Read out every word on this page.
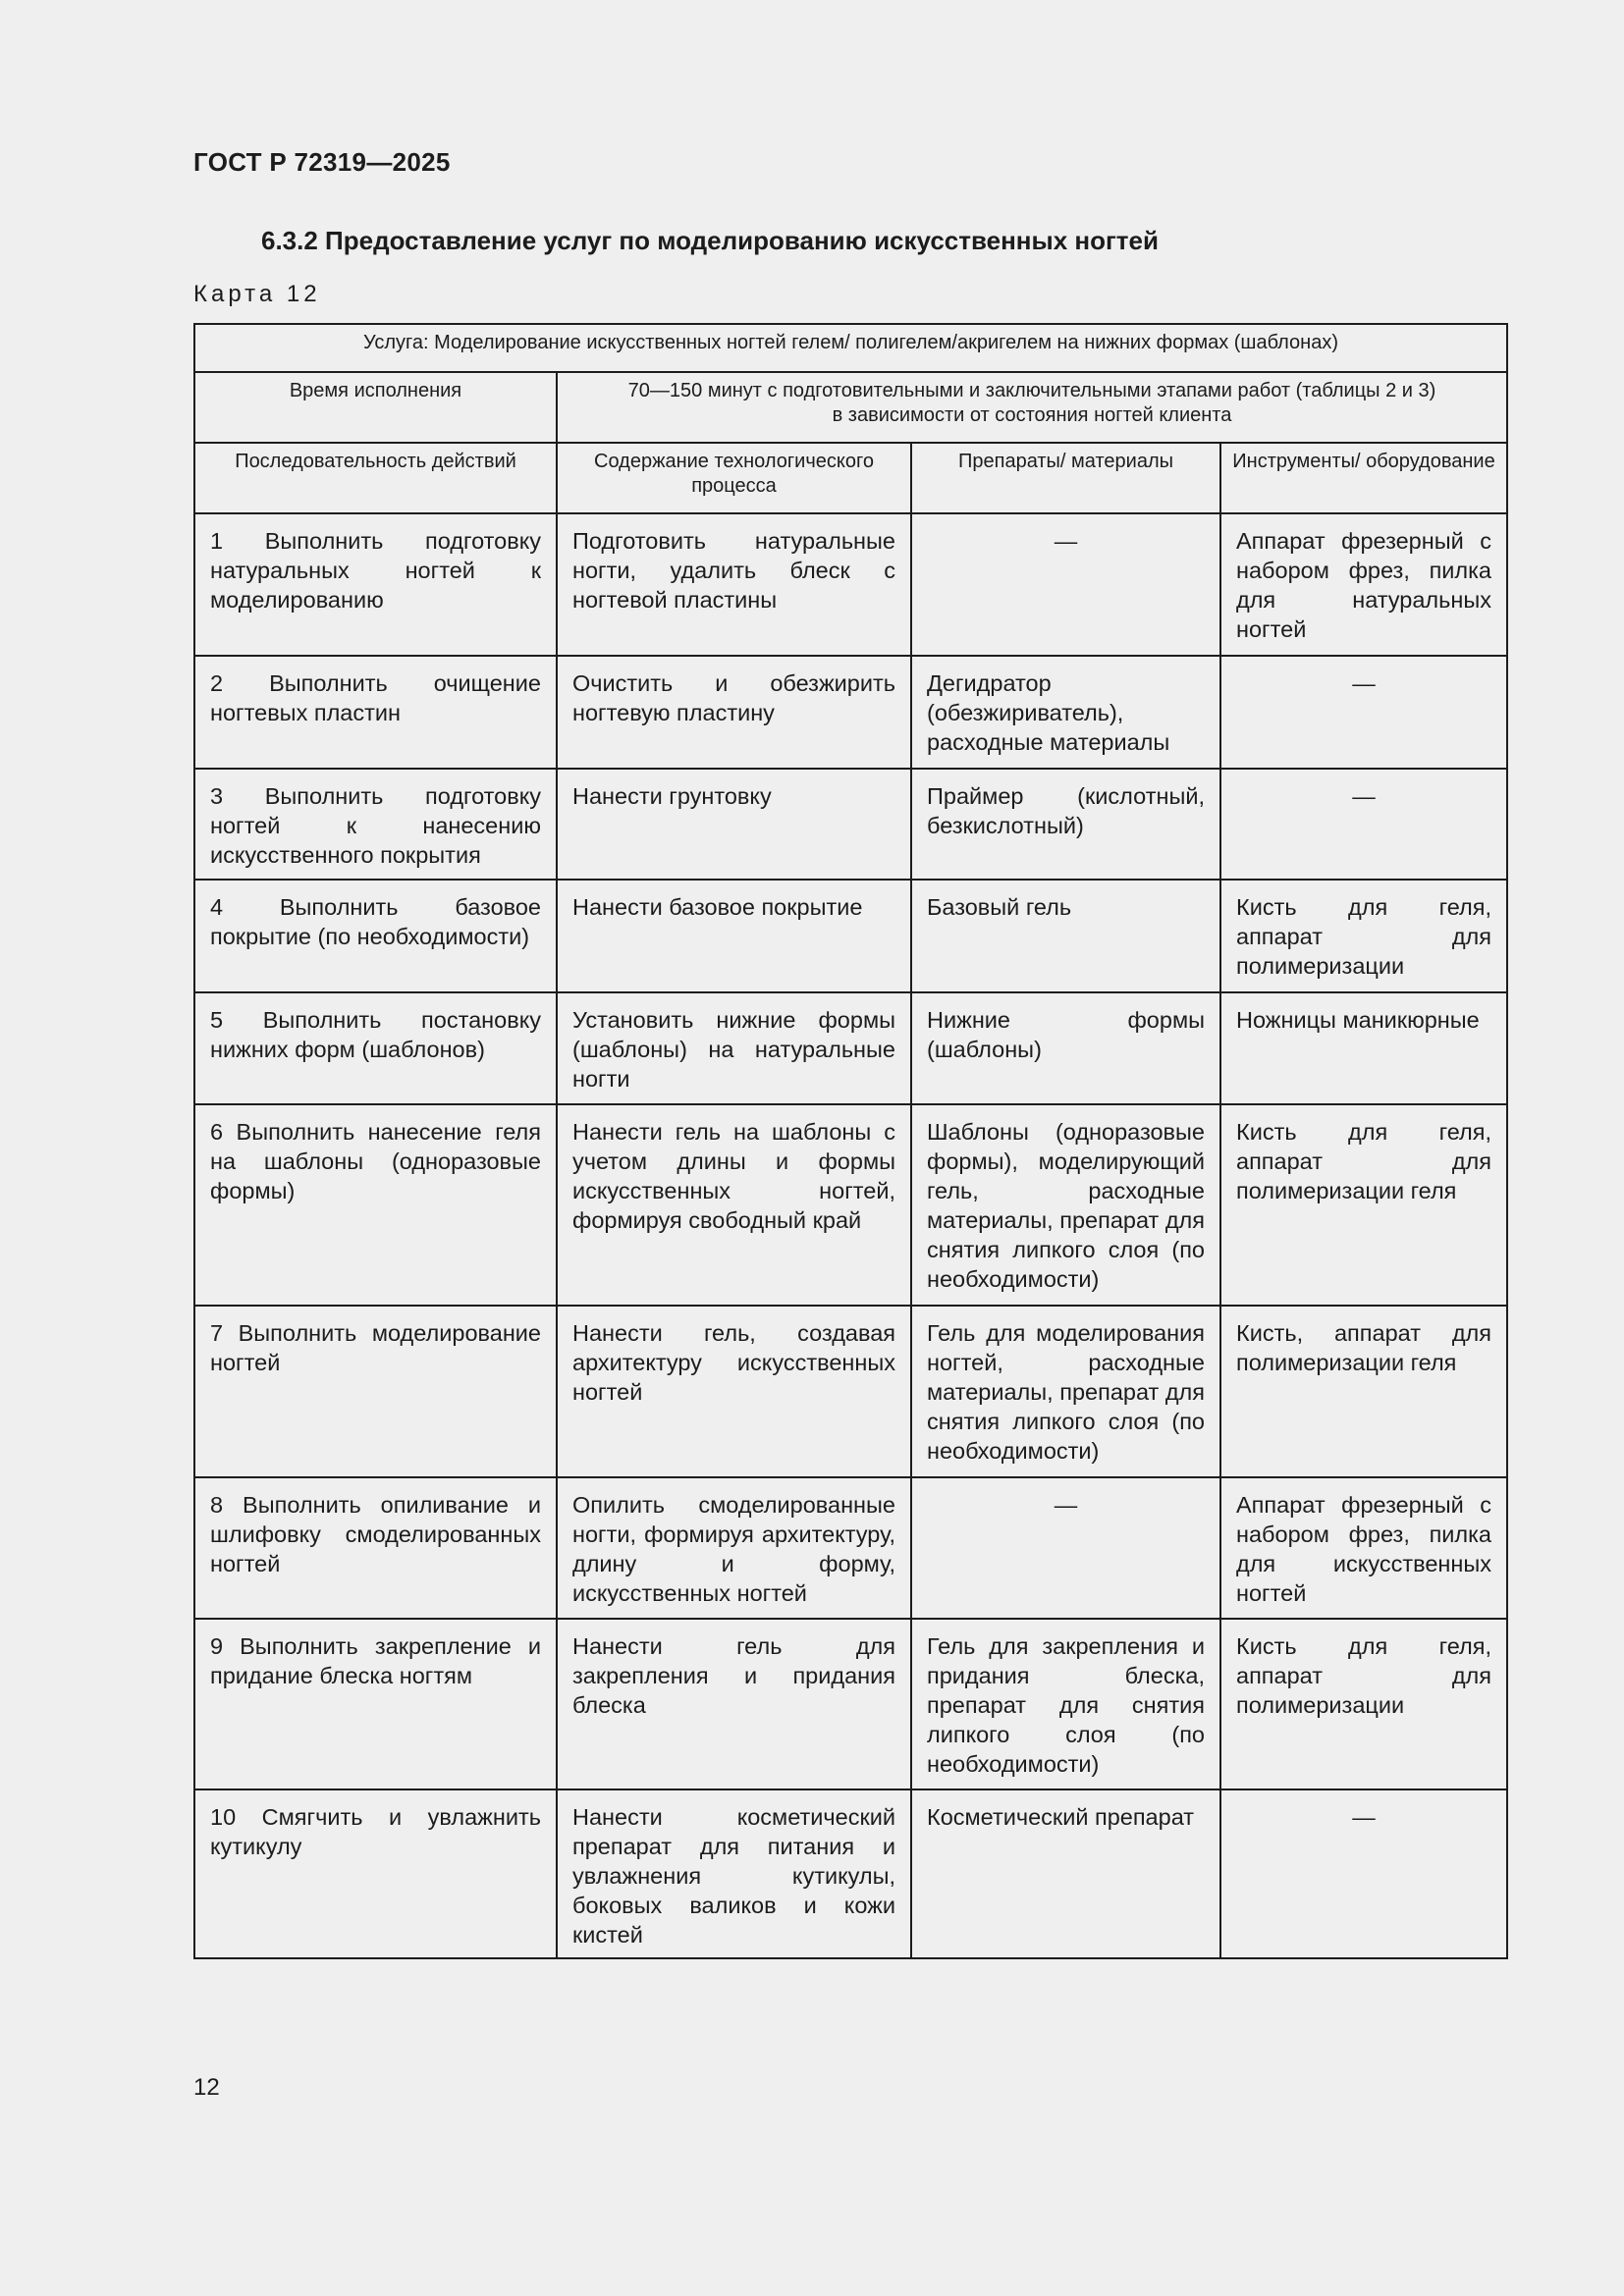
ГОСТ Р 72319—2025
6.3.2 Предоставление услуг по моделированию искусственных ногтей
Карта 12
Услуга: Моделирование искусственных ногтей гелем/ полигелем/акригелем на нижних формах (шаблонах)			
Время исполнения	70—150 минут с подготовительными и заключительными этапами работ (таблицы 2 и 3)
в зависимости от состояния ногтей клиента		

Последовательность действий	Содержание технологического процесса	Препараты/ материалы	Инструменты/ оборудование
1 Выполнить подготовку натуральных ногтей к моделированию	Подготовить натуральные ногти, удалить блеск с ногтевой пластины	—	Аппарат фрезерный с набором фрез, пилка для натуральных ногтей
2 Выполнить очищение ногтевых пластин	Очистить и обезжирить ногтевую пластину	Дегидратор (обезжириватель), расходные материалы	—
3 Выполнить подготовку ногтей к нанесению искусственного покрытия	Нанести грунтовку	Праймер (кислотный, безкислотный)	—
4 Выполнить базовое покрытие (по необходимости)	Нанести базовое покрытие	Базовый гель	Кисть для геля, аппарат для полимеризации
5 Выполнить постановку нижних форм (шаблонов)	Установить нижние формы (шаблоны) на натуральные ногти	Нижние формы (шаблоны)	Ножницы маникюрные
6 Выполнить нанесение геля на шаблоны (одноразовые формы)	Нанести гель на шаблоны с учетом длины и формы искусственных ногтей, формируя свободный край	Шаблоны (одноразовые формы), моделирующий гель, расходные материалы, препарат для снятия липкого слоя (по необходимости)	Кисть для геля, аппарат для полимеризации геля
7 Выполнить моделирование ногтей	Нанести гель, создавая архитектуру искусственных ногтей	Гель для моделирования ногтей, расходные материалы, препарат для снятия липкого слоя (по необходимости)	Кисть, аппарат для полимеризации геля
8 Выполнить опиливание и шлифовку смоделированных ногтей	Опилить смоделированные ногти, формируя архитектуру, длину и форму, искусственных ногтей	—	Аппарат фрезерный с набором фрез, пилка для искусственных ногтей
9 Выполнить закрепление и придание блеска ногтям	Нанести гель для закрепления и придания блеска	Гель для закрепления и придания блеска, препарат для снятия липкого слоя (по необходимости)	Кисть для геля, аппарат для полимеризации
10 Смягчить и увлажнить кутикулу	Нанести косметический препарат для питания и увлажнения кутикулы, боковых валиков и кожи кистей	Косметический препарат	—
12
